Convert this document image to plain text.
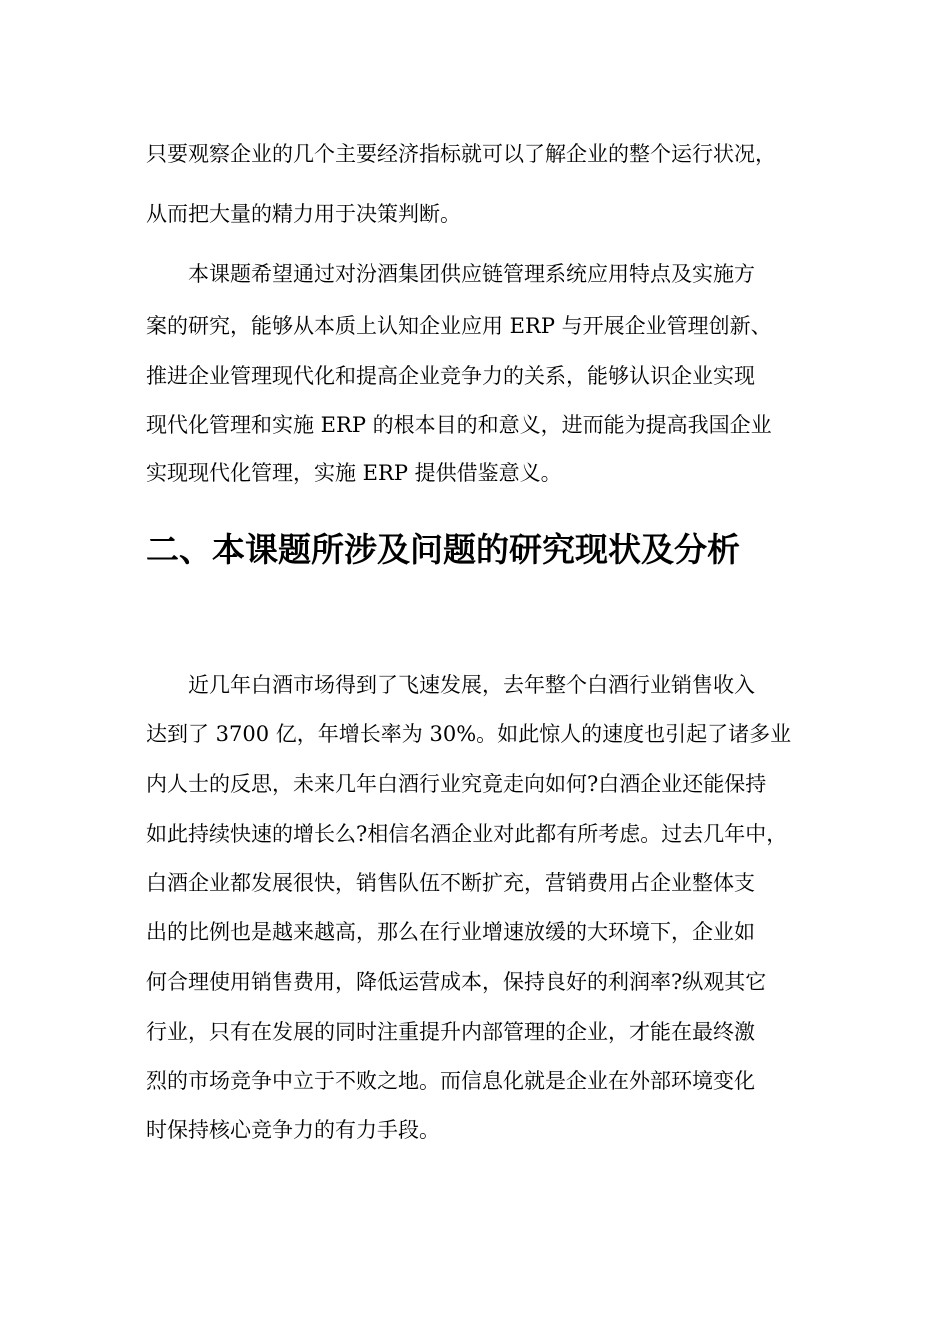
只要观察企业的几个主要经济指标就可以了解企业的整个运行状况，
从而把大量的精力用于决策判断。
本课题希望通过对汾酒集团供应链管理系统应用特点及实施方
案的研究，能够从本质上认知企业应用 ERP 与开展企业管理创新、
推进企业管理现代化和提高企业竞争力的关系，能够认识企业实现
现代化管理和实施 ERP 的根本目的和意义，进而能为提高我国企业
实现现代化管理，实施 ERP 提供借鉴意义。
二、本课题所涉及问题的研究现状及分析
近几年白酒市场得到了飞速发展，去年整个白酒行业销售收入
达到了 3700 亿，年增长率为 30%。如此惊人的速度也引起了诸多业
内人士的反思，未来几年白酒行业究竟走向如何?白酒企业还能保持
如此持续快速的增长么?相信名酒企业对此都有所考虑。过去几年中，
白酒企业都发展很快，销售队伍不断扩充，营销费用占企业整体支
出的比例也是越来越高，那么在行业增速放缓的大环境下，企业如
何合理使用销售费用，降低运营成本，保持良好的利润率?纵观其它
行业，只有在发展的同时注重提升内部管理的企业，才能在最终激
烈的市场竞争中立于不败之地。而信息化就是企业在外部环境变化
时保持核心竞争力的有力手段。
